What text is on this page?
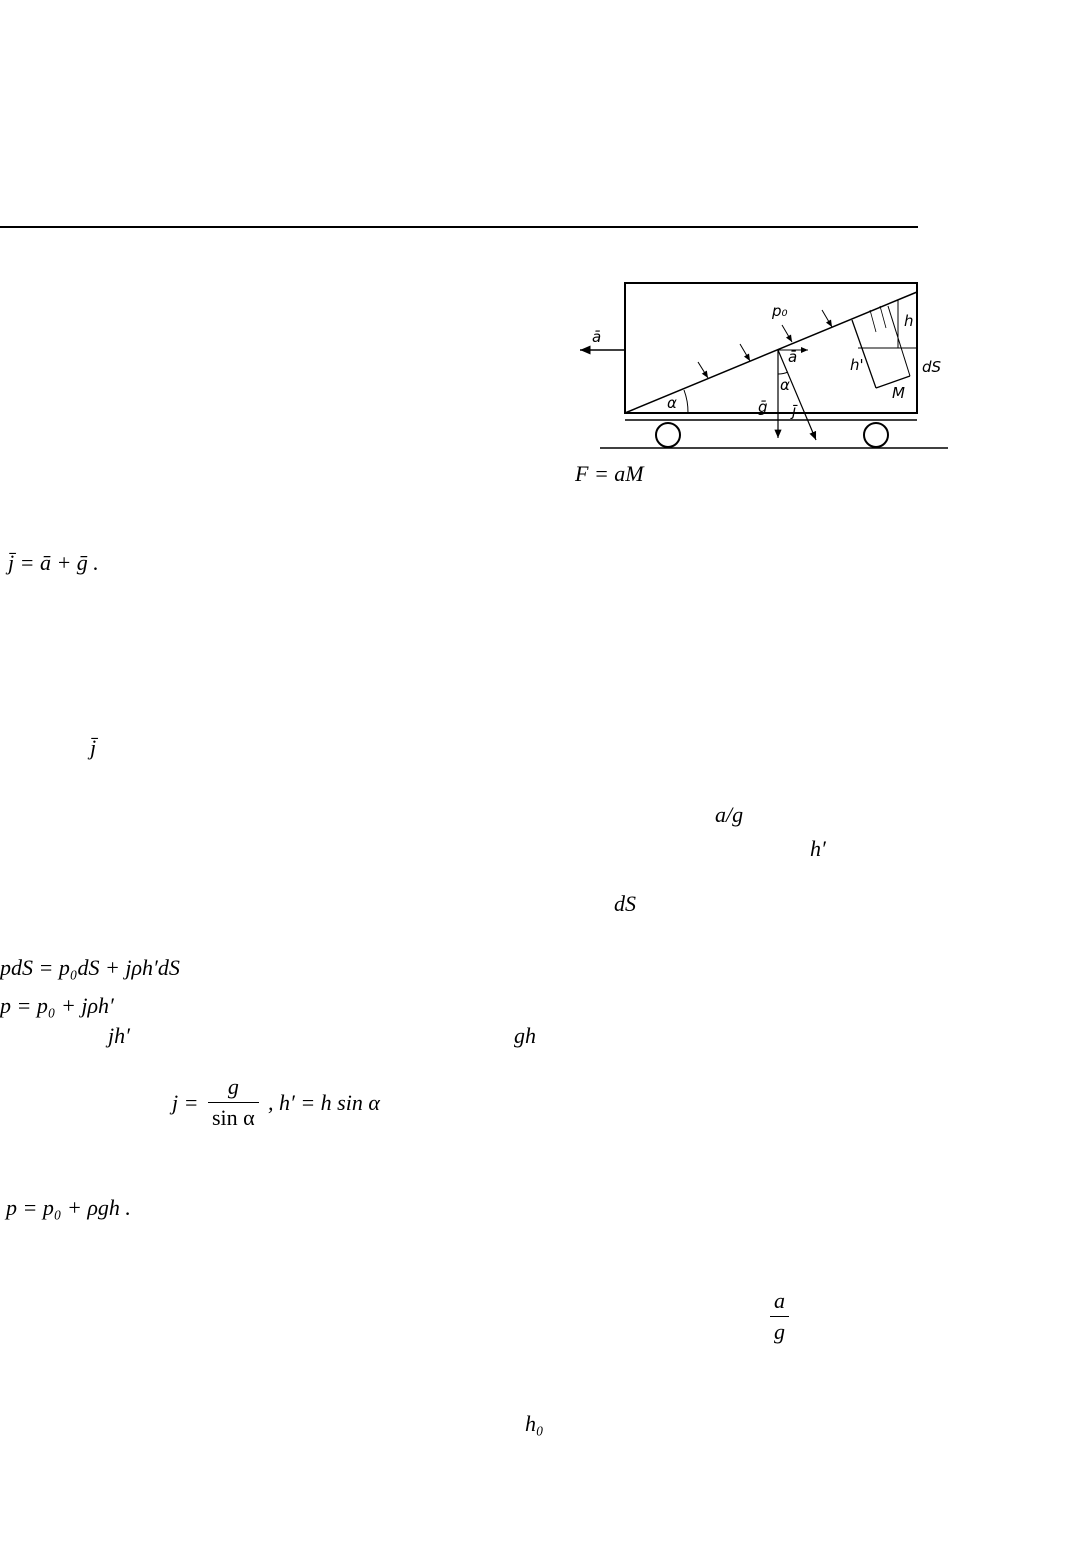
α
ā
p₀
ā
ḡ j̄
α
h
h'	dS
M
F = aM
j̄ = ā + ḡ .
j̄
a/g
h′
dS
pdS = p₀dS + jρh′dS
p = p₀ + jρh′
jh′	gh
j =
g
sin α
, h′ = h sin α
p = p₀ + ρgh .
a
g
h₀
